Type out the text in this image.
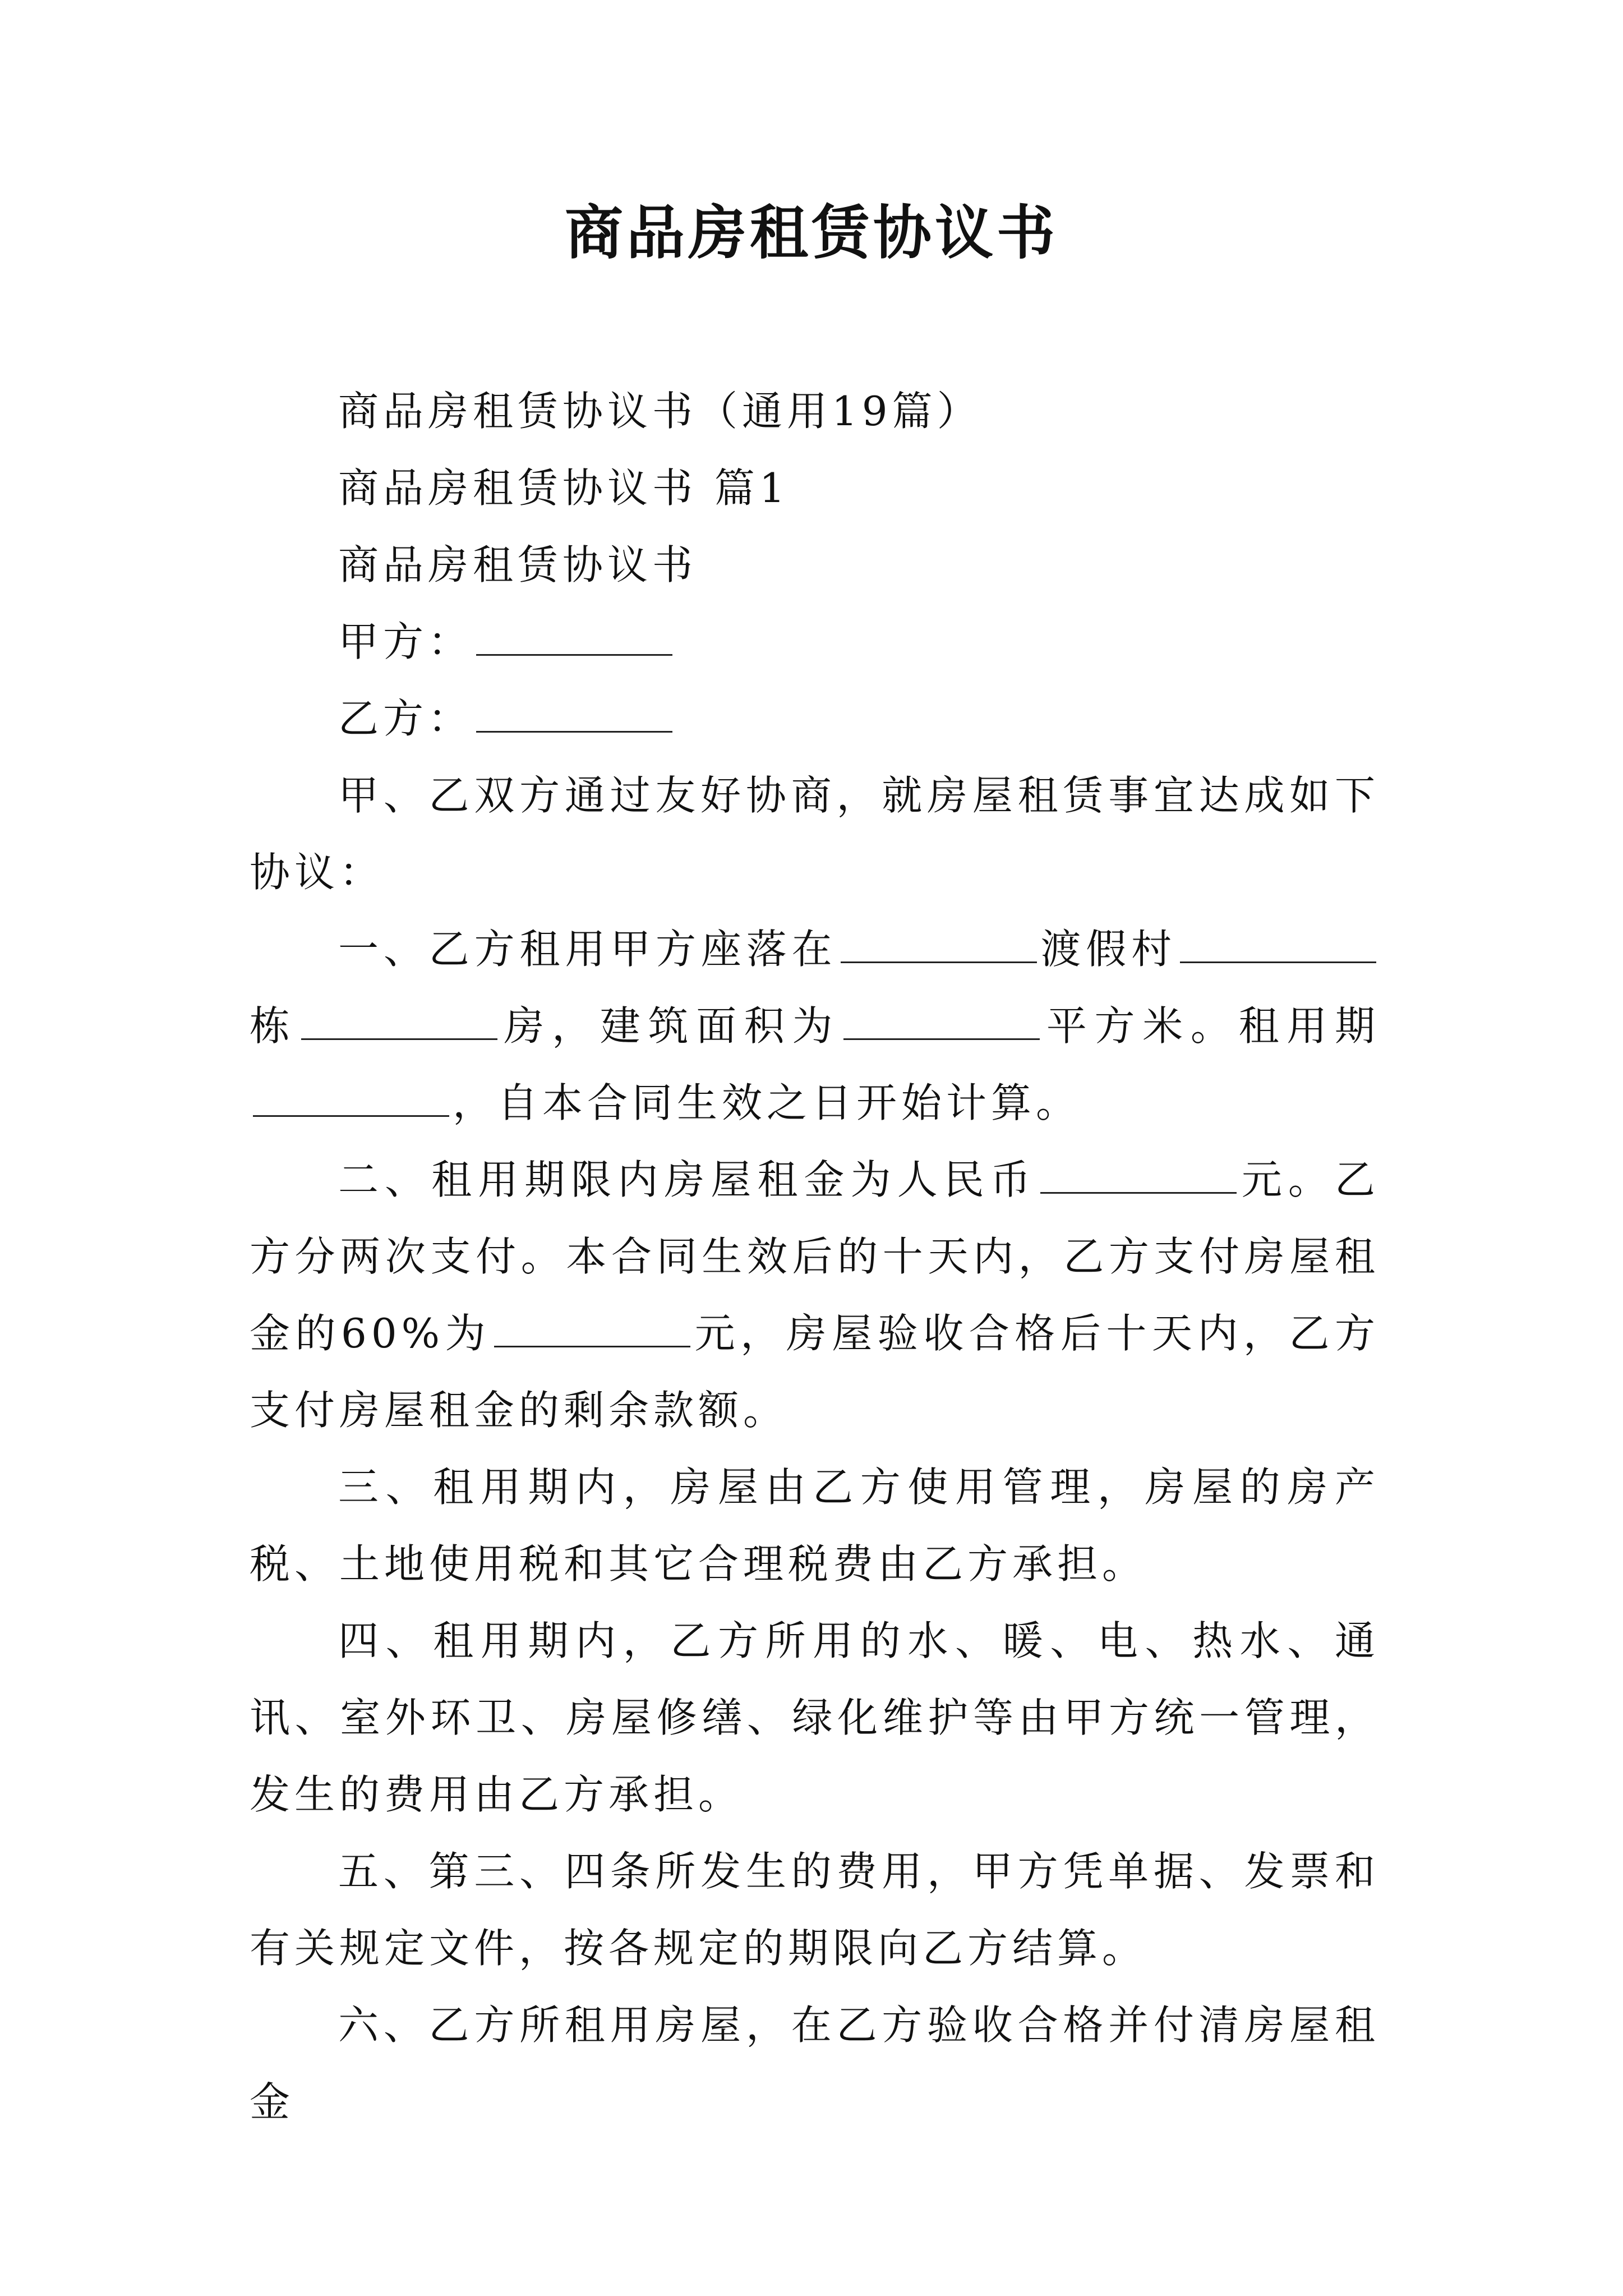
商品房租赁协议书

商品房租赁协议书（通用19篇）

商品房租赁协议书 篇1

商品房租赁协议书

甲方：

乙方：

甲、乙双方通过友好协商，就房屋租赁事宜达成如下协议：

一、乙方租用甲方座落在	渡假村栋	房，建筑面积为	平方米。租用期，自本合同生效之日开始计算。

二、租用期限内房屋租金为人民币	元。乙方分两次支付。本合同生效后的十天内，乙方支付房屋租金的60%为	元，房屋验收合格后十天内，乙方支付房屋租金的剩余款额。

三、租用期内，房屋由乙方使用管理，房屋的房产税、土地使用税和其它合理税费由乙方承担。

四、租用期内，乙方所用的水、暖、电、热水、通讯、室外环卫、房屋修缮、绿化维护等由甲方统一管理，发生的费用由乙方承担。

五、第三、四条所发生的费用，甲方凭单据、发票和有关规定文件，按各规定的期限向乙方结算。

六、乙方所租用房屋，在乙方验收合格并付清房屋租金
